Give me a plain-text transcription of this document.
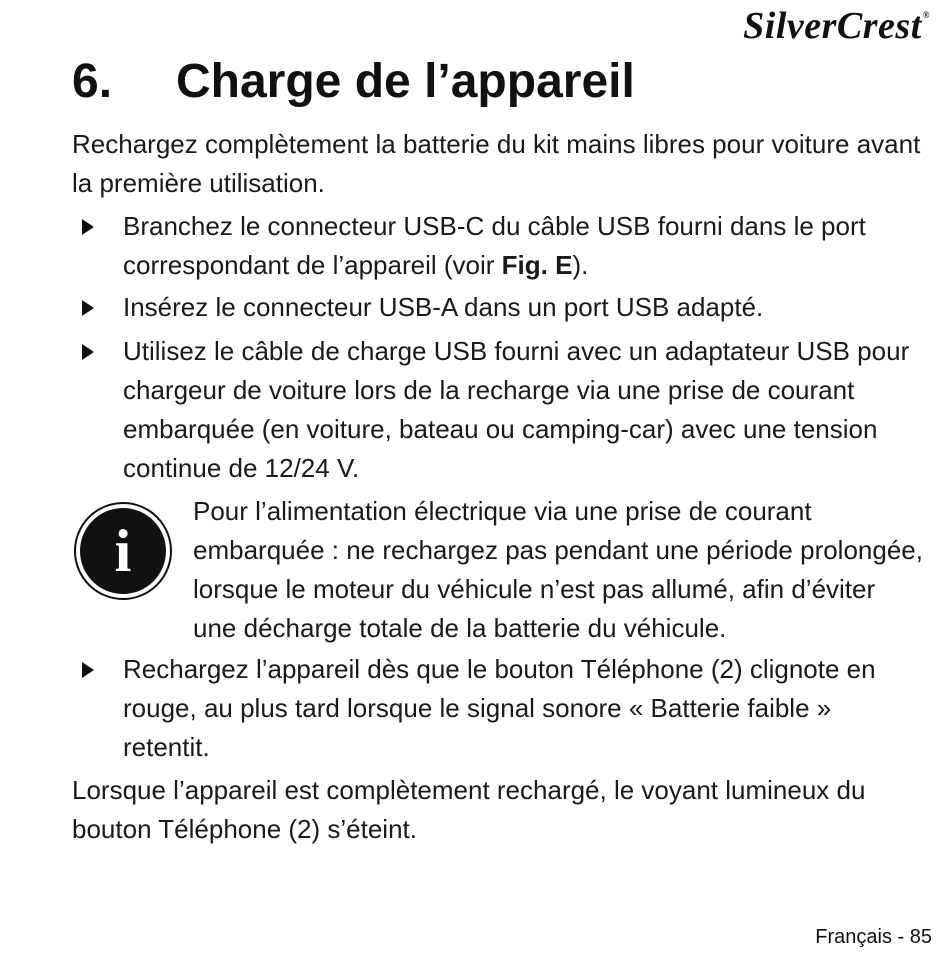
SilverCrest®
6. Charge de l’appareil

Rechargez complètement la batterie du kit mains libres pour voiture avant la première utilisation.

Branchez le connecteur USB-C du câble USB fourni dans le port correspondant de l’appareil (voir Fig. E).
Insérez le connecteur USB-A dans un port USB adapté.
Utilisez le câble de charge USB fourni avec un adaptateur USB pour chargeur de voiture lors de la recharge via une prise de courant embarquée (en voiture, bateau ou camping-car) avec une tension continue de 12/24 V.
i
Pour l’alimentation électrique via une prise de courant embarquée : ne rechargez pas pendant une période prolongée, lorsque le moteur du véhicule n’est pas allumé, afin d’éviter une décharge totale de la batterie du véhicule.
Rechargez l’appareil dès que le bouton Téléphone (2) clignote en rouge, au plus tard lorsque le signal sonore « Batterie faible » retentit.

Lorsque l’appareil est complètement rechargé, le voyant lumineux du bouton Téléphone (2) s’éteint.

Français - 85
